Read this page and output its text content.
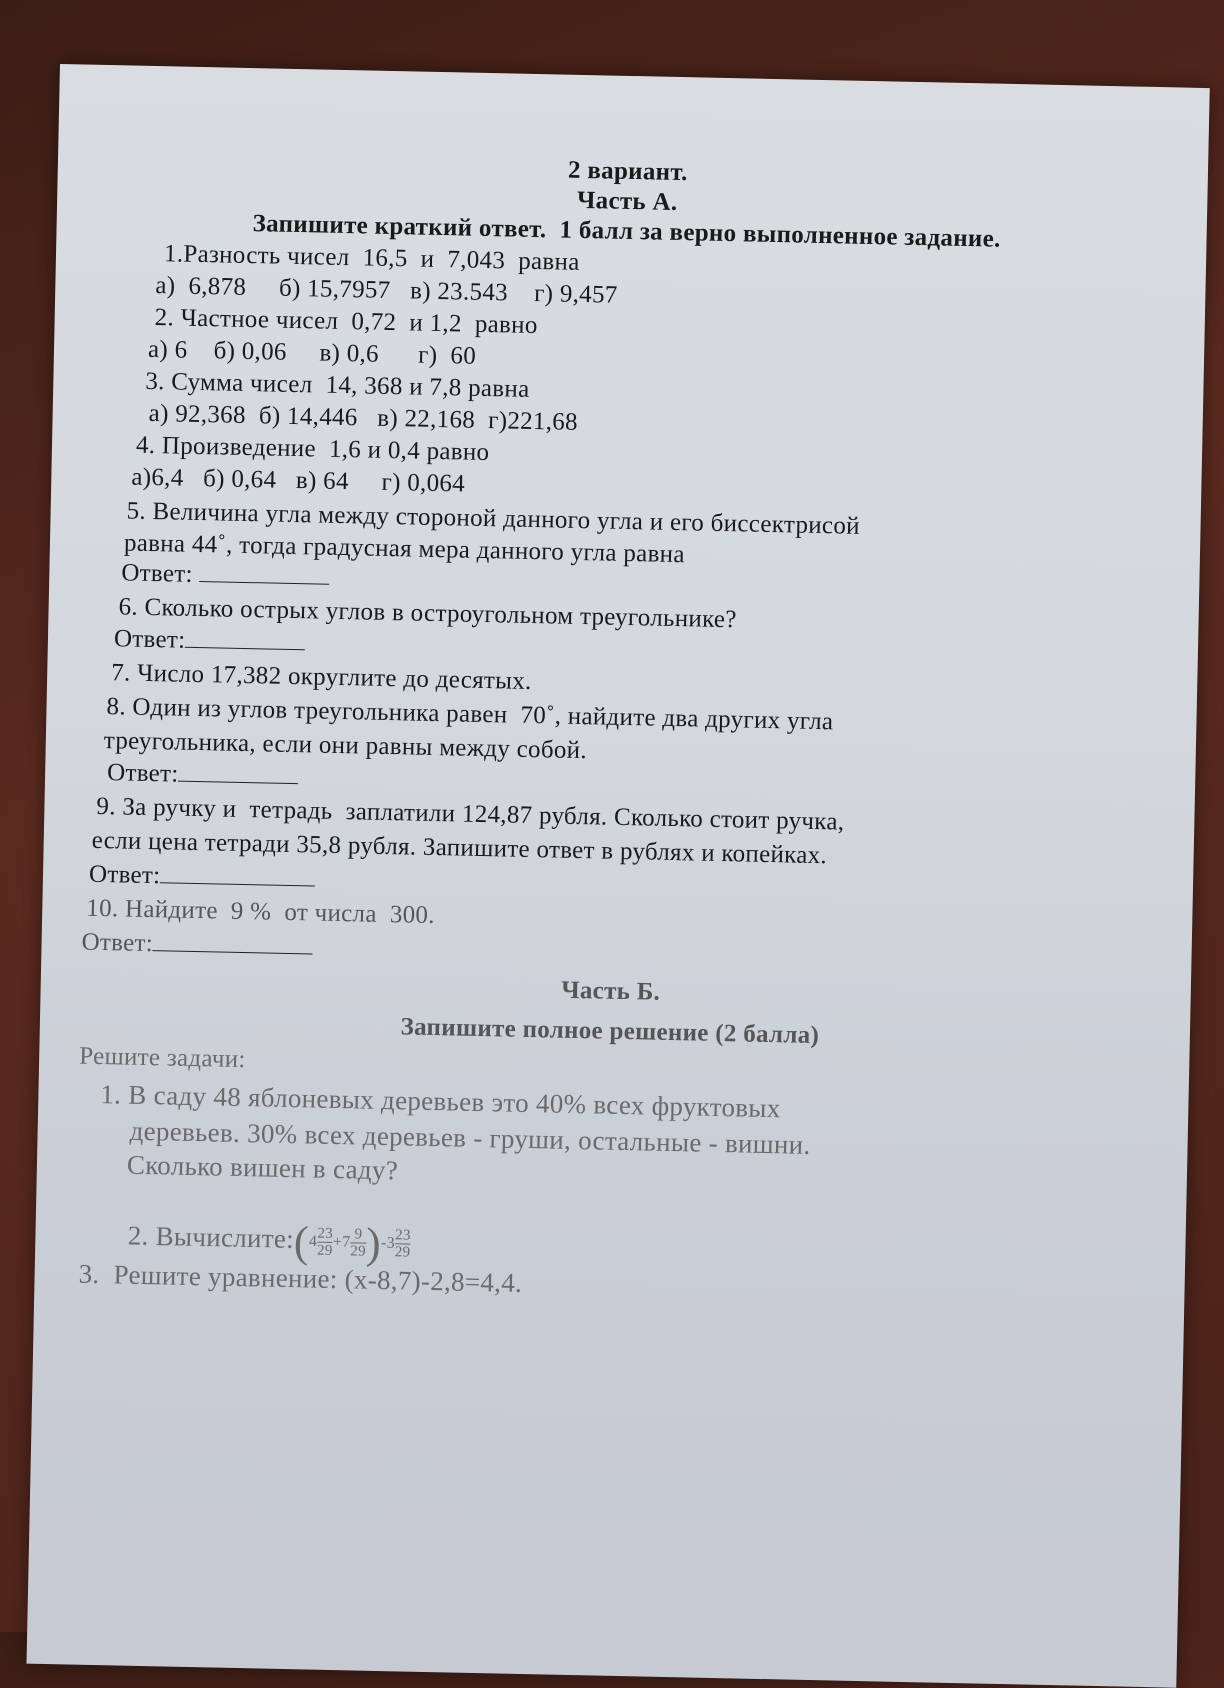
2 вариант.
Часть А.
Запишите краткий ответ.  1 балл за верно выполненное задание.
1.Разность чисел  16,5  и  7,043  равна
а)  6,878     б) 15,7957   в) 23.543    г) 9,457
2. Частное чисел  0,72  и 1,2  равно
а) 6    б) 0,06     в) 0,6      г)  60
3. Сумма чисел  14, 368 и 7,8 равна
а) 92,368  б) 14,446   в) 22,168  г)221,68
4. Произведение  1,6 и 0,4 равно
а)6,4   б) 0,64   в) 64     г) 0,064
5. Величина угла между стороной данного угла и его биссектрисой
равна 44˚, тогда градусная мера данного угла равна
Ответ:
6. Сколько острых углов в остроугольном треугольнике?
Ответ:
7. Число 17,382 округлите до десятых.
8. Один из углов треугольника равен  70˚, найдите два других угла
треугольника, если они равны между собой.
Ответ:
9. За ручку и  тетрадь  заплатили 124,87 рубля. Сколько стоит ручка,
если цена тетради 35,8 рубля. Запишите ответ в рублях и копейках.
Ответ:
10. Найдите  9 %  от числа  300.
Ответ:
Часть Б.
Запишите полное решение (2 балла)
Решите задачи:
1. В саду 48 яблоневых деревьев это 40% всех фруктовых
деревьев. 30% всех деревьев - груши, остальные - вишни.
Сколько вишен в саду?

2. Вычислите:(4 $\frac{23}{29} +7 \frac{9}{29} )-3 \frac{23}{29}$

3.  Решите уравнение: (x-8,7)-2,8=4,4.
